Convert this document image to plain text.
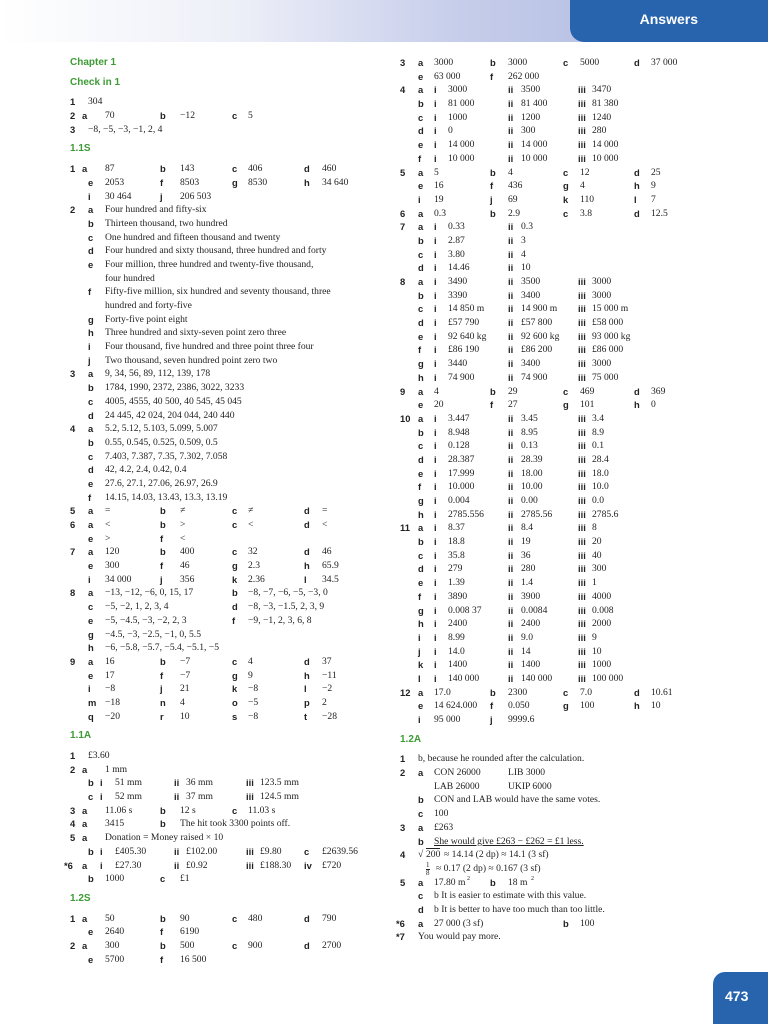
Answers
Chapter 1
Check in 1
1 304
2 a 70	b −12	c 5
3 −8, −5, −3, −1, 2, 4
1.1S
1 a 87	b 143	c 406	d 460
e 2053	f 8503	g 8530	h 34 640
i 30 464	j 206 503
2 a Four hundred and fifty-six
b Thirteen thousand, two hundred
c One hundred and fifteen thousand and twenty
d Four hundred and sixty thousand, three hundred and forty
e Four million, three hundred and twenty-five thousand,
four hundred
f Fifty-five million, six hundred and seventy thousand, three
hundred and forty-five
g Forty-five point eight
h Three hundred and sixty-seven point zero three
i Four thousand, five hundred and three point three four
j Two thousand, seven hundred point zero two
3 a 9, 34, 56, 89, 112, 139, 178
b 1784, 1990, 2372, 2386, 3022, 3233
c 4005, 4555, 40 500, 40 545, 45 045
d 24 445, 42 024, 204 044, 240 440
4 a 5.2, 5.12, 5.103, 5.099, 5.007
b 0.55, 0.545, 0.525, 0.509, 0.5
c 7.403, 7.387, 7.35, 7.302, 7.058
d 42, 4.2, 2.4, 0.42, 0.4
e 27.6, 27.1, 27.06, 26.97, 26.9
f 14.15, 14.03, 13.43, 13.3, 13.19
5 a =	b ≠	c ≠	d =
6 a <	b >	c <	d <
e >	f <
7 a 120	b 400	c 32	d 46
e 300	f 46	g 2.3	h 65.9
i 34 000	j 356	k 2.36	l 34.5
8 a −13, −12, −6, 0, 15, 17	b −8, −7, −6, −5, −3, 0
c −5, −2, 1, 2, 3, 4	d −8, −3, −1.5, 2, 3, 9
e −5, −4.5, −3, −2, 2, 3	f −9, −1, 2, 3, 6, 8
g −4.5, −3, −2.5, −1, 0, 5.5
h −6, −5.8, −5.7, −5.4, −5.1, −5
9 a 16	b −7	c 4	d 37
e 17	f −7	g 9	h −11
i −8	j 21	k −8	l −2
m −18	n 4	o −5	p 2
q −20	r 10	s −8	t −28
1.1A
1 £3.60
2 a 1 mm
b i 51 mm	ii 36 mm	iii 123.5 mm
c i 52 mm	ii 37 mm	iii 124.5 mm
3 a 11.06 s	b 12 s	c 11.03 s
4 a 3415	b The hit took 3300 points off.
5 a Donation = Money raised × 10
b i £405.30	ii £102.00	iii £9.80 c £2639.56
*6 a i £27.30	ii £0.92	iii £188.30 iv £720
b 1000	c £1
1.2S
1 a 50	b 90	c 480	d 790
e 2640	f 6190
2 a 300	b 500	c 900	d 2700
e 5700	f 16 500
3 a 3000	b 3000	c 5000	d 37 000
e 63 000	f 262 000
4 a i 3000	ii 3500	iii 3470
b i 81 000	ii 81 400	iii 81 380
c i 1000	ii 1200	iii 1240
d i 0	ii 300	iii 280
e i 14 000	ii 14 000	iii 14 000
f i 10 000	ii 10 000	iii 10 000
5 a 5	b 4	c 12	d 25
e 16	f 436	g 4	h 9
i 19	j 69	k 110	l 7
6 a 0.3	b 2.9	c 3.8	d 12.5
7 a i 0.33	ii 0.3
b i 2.87	ii 3
c i 3.80	ii 4
d i 14.46	ii 10
8 a i 3490	ii 3500	iii 3000
b i 3390	ii 3400	iii 3000
c i 14 850 m	ii 14 900 m iii 15 000 m
d i £57 790	ii £57 800	iii £58 000
e i 92 640 kg ii 92 600 kg iii 93 000 kg
f i £86 190	ii £86 200	iii £86 000
g i 3440	ii 3400	iii 3000
h i 74 900	ii 74 900	iii 75 000
9 a 4	b 29	c 469	d 369
e 20	f 27	g 101	h 0
10 a i 3.447	ii 3.45	iii 3.4
b i 8.948	ii 8.95	iii 8.9
c i 0.128	ii 0.13	iii 0.1
d i 28.387	ii 28.39	iii 28.4
e i 17.999	ii 18.00	iii 18.0
f i 10.000	ii 10.00	iii 10.0
g i 0.004	ii 0.00	iii 0.0
h i 2785.556	ii 2785.56	iii 2785.6
11 a i 8.37	ii 8.4	iii 8
b i 18.8	ii 19	iii 20
c i 35.8	ii 36	iii 40
d i 279	ii 280	iii 300
e i 1.39	ii 1.4	iii 1
f i 3890	ii 3900	iii 4000
g i 0.008 37	ii 0.0084	iii 0.008
h i 2400	ii 2400	iii 2000
i i 8.99	ii 9.0	iii 9
j i 14.0	ii 14	iii 10
k i 1400	ii 1400	iii 1000
l i 140 000	ii 140 000	iii 100 000
12 a 17.0	b 2300	c 7.0	d 10.61
e 14 624.000 f 0.050	g 100	h 10
i 95 000	j 9999.6
1.2A
1 b, because he rounded after the calculation.
2 a CON 26000	LIB 3000
LAB 26000	UKIP 6000
b CON and LAB would have the same votes.
c 100
3 a £263
b She would give £263 − £262 = £1 less.
4 √ 200 ≈ 14.14 (2 dp) ≈ 14.1 (3 sf)
1
8 ≈ 0.17 (2 dp) ≈ 0.167 (3 sf)
5 a 17.80 m 2 b 18 m 2
c b It is easier to estimate with this value.
d b It is better to have too much than too little.
*6 a 27 000 (3 sf)	b 100
*7 You would pay more.
473
